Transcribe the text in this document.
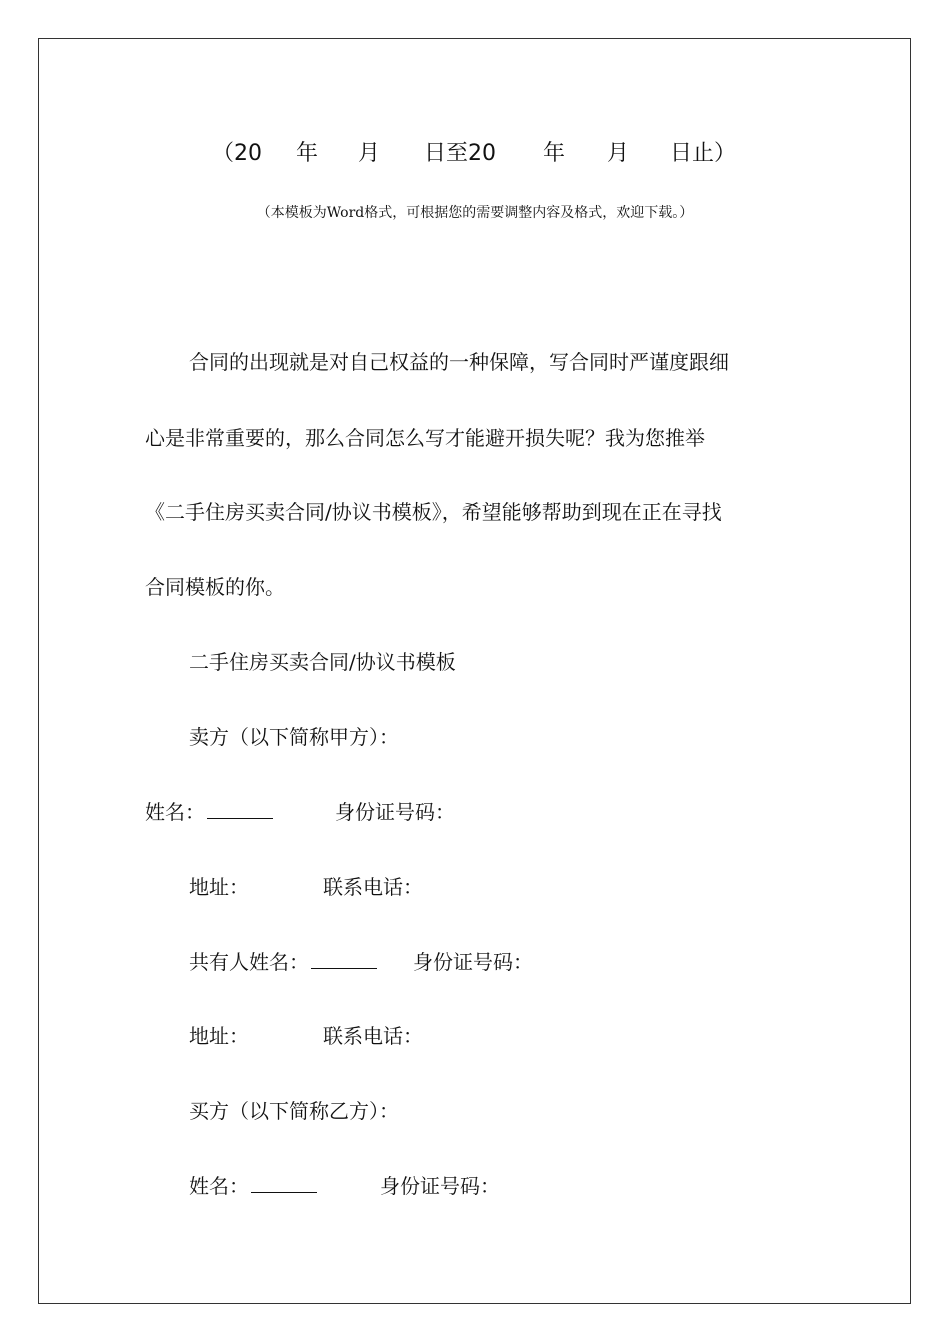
（20 年 月 日至20 年 月 日止）
（本模板为Word格式，可根据您的需要调整内容及格式，欢迎下载。）
合同的出现就是对自己权益的一种保障，写合同时严谨度跟细
心是非常重要的，那么合同怎么写才能避开损失呢？我为您推举
《二手住房买卖合同/协议书模板》，希望能够帮助到现在正在寻找
合同模板的你。
二手住房买卖合同/协议书模板
卖方（以下简称甲方）：
姓名：	身份证号码：
地址：	联系电话：
共有人姓名：	身份证号码：
地址：	联系电话：
买方（以下简称乙方）：
姓名：	身份证号码：
